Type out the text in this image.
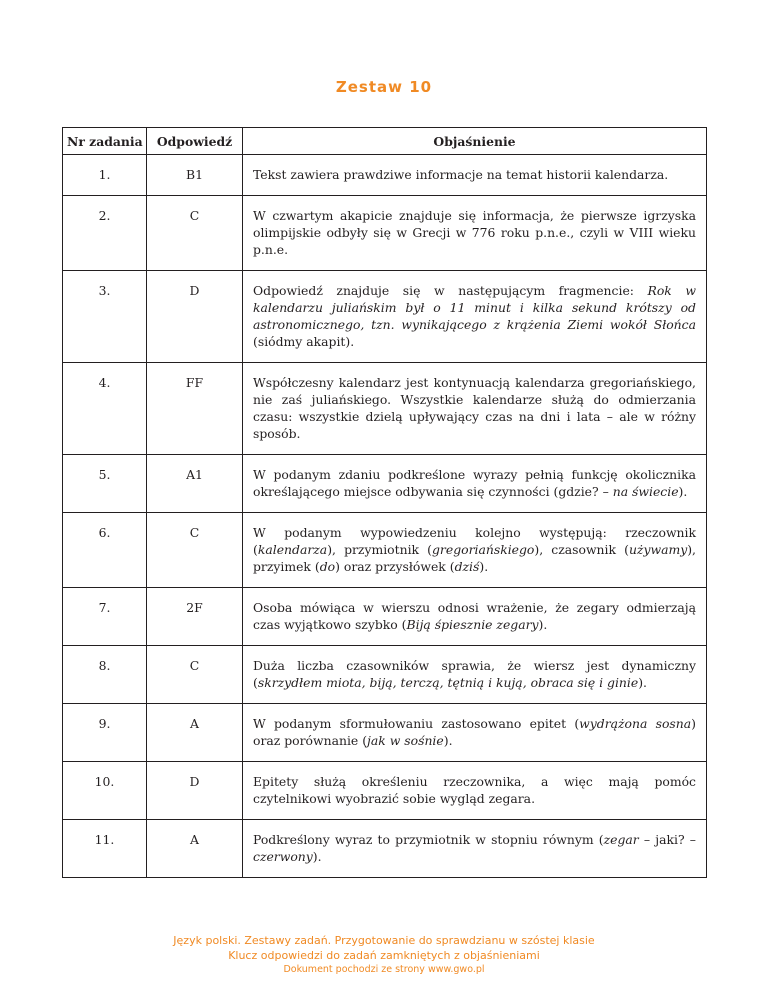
Zestaw 10
Nr zadania	Odpowiedź	Objaśnienie
1.	B1	Tekst zawiera prawdziwe informacje na temat historii kalendarza.
2.	C	W czwartym akapicie znajduje się informacja, że pierwsze igrzyska olimpijskie odbyły się w Grecji w 776 roku p.n.e., czyli w VIII wieku p.n.e.
3.	D	Odpowiedź znajduje się w następującym fragmencie: Rok w kalendarzu juliańskim był o 11 minut i kilka sekund krótszy od astronomicznego, tzn. wynikającego z krążenia Ziemi wokół Słońca (siódmy akapit).
4.	FF	Współczesny kalendarz jest kontynuacją kalendarza gregoriańskiego, nie zaś juliańskiego. Wszystkie kalendarze służą do odmierzania czasu: wszystkie dzielą upływający czas na dni i lata – ale w różny sposób.
5.	A1	W podanym zdaniu podkreślone wyrazy pełnią funkcję okolicznika określającego miejsce odbywania się czynności (gdzie? – na świecie).
6.	C	W podanym wypowiedzeniu kolejno występują: rzeczownik (kalendarza), przymiotnik (gregoriańskiego), czasownik (używamy), przyimek (do) oraz przysłówek (dziś).
7.	2F	Osoba mówiąca w wierszu odnosi wrażenie, że zegary odmierzają czas wyjątkowo szybko (Biją śpiesznie zegary).
8.	C	Duża liczba czasowników sprawia, że wiersz jest dynamiczny (skrzydłem miota, biją, terczą, tętnią i kują, obraca się i ginie).
9.	A	W podanym sformułowaniu zastosowano epitet (wydrążona sosna) oraz porównanie (jak w sośnie).
10.	D	Epitety służą określeniu rzeczownika, a więc mają pomóc czytelnikowi wyobrazić sobie wygląd zegara.
11.	A	Podkreślony wyraz to przymiotnik w stopniu równym (zegar – jaki? – czerwony).
Język polski. Zestawy zadań. Przygotowanie do sprawdzianu w szóstej klasie
Klucz odpowiedzi do zadań zamkniętych z objaśnieniami
Dokument pochodzi ze strony www.gwo.pl
